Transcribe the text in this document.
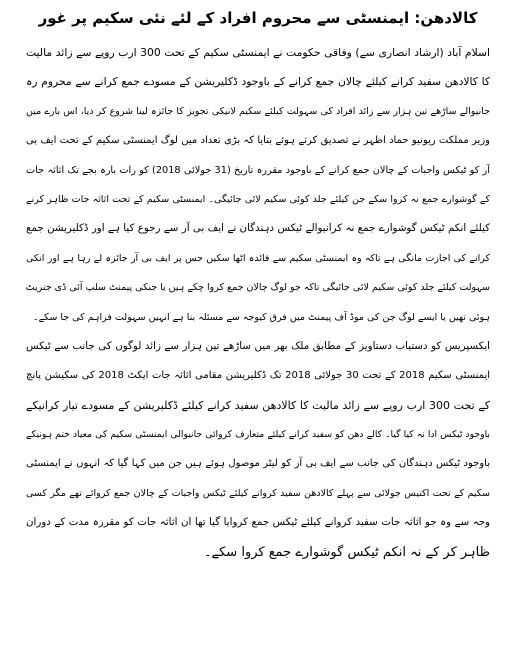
کالادھن: ایمنسٹی سے محروم افراد کے لئے نئی سکیم پر غور
اسلام آباد (ارشاد انصاری سے) وفاقی حکومت نے ایمنسٹی سکیم کے تحت 300 ارب روپے سے زائد مالیت
کا کالادھن سفید کرانے کیلئے چالان جمع کرانے کے باوجود ڈکلیریشن کے مسودے جمع کرانے سے محروم رہ
جانیوالے ساڑھے تین ہزار سے زائد افراد کی سہولت کیلئے سکیم لانیکی تجویز کا جائزہ لینا شروع کر دیا، اس بارے میں
وزیر مملکت ریونیو حماد اظہر نے تصدیق کرتے ہوئے بتایا کہ بڑی تعداد میں لوگ ایمنسٹی سکیم کے تحت ایف بی
آر کو ٹیکس واجبات کے چالان جمع کرانے کے باوجود مقررہ تاریخ (31 جولائی 2018) کو رات بارہ بجے تک اثاثہ جات
کے گوشوارے جمع نہ کروا سکے جن کیلئے جلد کوئی سکیم لائی جائیگی۔ ایمنسٹی سکیم کے تحت اثاثہ جات ظاہر کرنے
کیلئے انکم ٹیکس گوشوارے جمع نہ کرانیوالے ٹیکس دہندگان نے ایف بی آر سے رجوع کیا ہے اور ڈکلیریشن جمع
کرانے کی اجازت مانگی ہے تاکہ وہ ایمنسٹی سکیم سے فائدہ اٹھا سکیں جس پر ایف بی آر جائزہ لے رہا ہے اور انکی
سہولت کیلئے جلد کوئی سکیم لائی جائیگی تاکہ جو لوگ چالان جمع کروا چکے ہیں یا جنکی پیمنٹ سلپ آئی ڈی جنریٹ
ہوئی تھیں یا ایسے لوگ جن کی موڈ آف پیمنٹ میں فرق کیوجہ سے مسئلہ بنا ہے انہیں سہولت فراہم کی جا سکے۔
ایکسپریس کو دستیاب دستاویز کے مطابق ملک بھر میں ساڑھے تین ہزار سے زائد لوگوں کی جانب سے ٹیکس
ایمنسٹی سکیم 2018 کے تحت 30 جولائی 2018 تک ڈکلیریشن مقامی اثاثہ جات ایکٹ 2018 کی سکیشن پانچ
کے تحت 300 ارب روپے سے زائد مالیت کا کالادھن سفید کرانے کیلئے ڈکلیریشن کے مسودے تیار کرانیکے
باوجود ٹیکس ادا نہ کیا گیا۔ کالے دھن کو سفید کرانے کیلئے متعارف کروائی جانیوالی ایمنسٹی سکیم کی معیاد ختم ہونیکے
باوجود ٹیکس دہندگان کی جانب سے ایف بی آر کو لیٹر موصول ہوئے ہیں جن میں کہا گیا کہ انہوں نے ایمنسٹی
سکیم کے تحت اکتیس جولائی سے پہلے کالادھن سفید کروانے کیلئے ٹیکس واجبات کے چالان جمع کروائے تھے مگر کسی
وجہ سے وہ جو اثاثہ جات سفید کروانے کیلئے ٹیکس جمع کروایا گیا تھا ان اثاثہ جات کو مقررہ مدت کے دوران
ظاہر کر کے نہ انکم ٹیکس گوشوارے جمع کروا سکے۔
